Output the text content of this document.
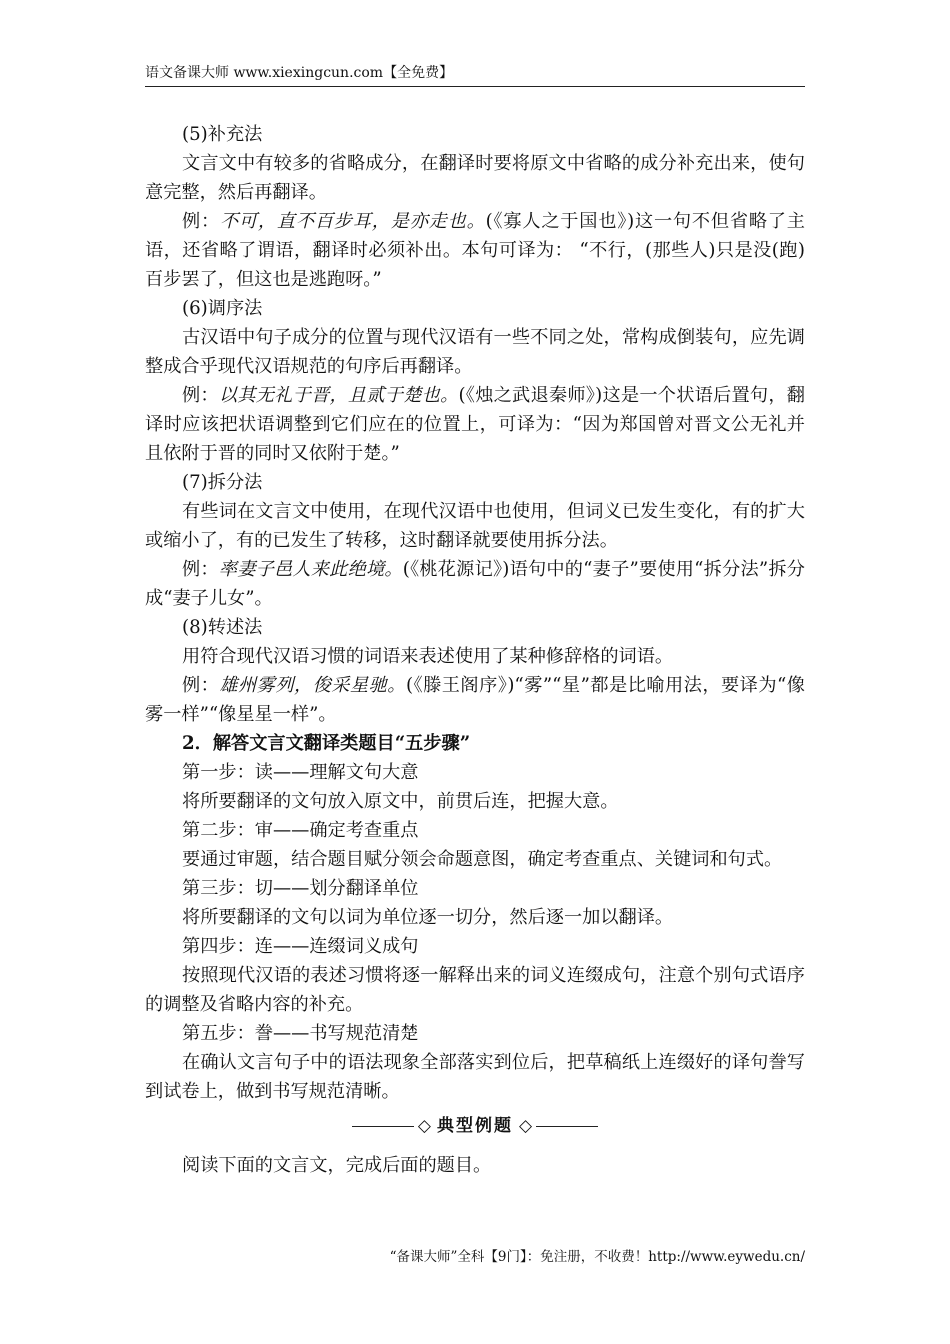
语文备课大师 www.xiexingcun.com【全免费】

(5)补充法

文言文中有较多的省略成分，在翻译时要将原文中省略的成分补充出来，使句意完整，然后再翻译。

例：不可，直不百步耳，是亦走也。(《寡人之于国也》)这一句不但省略了主语，还省略了谓语，翻译时必须补出。本句可译为： “不行，(那些人)只是没(跑)百步罢了，但这也是逃跑呀。”

(6)调序法

古汉语中句子成分的位置与现代汉语有一些不同之处，常构成倒装句，应先调整成合乎现代汉语规范的句序后再翻译。

例：以其无礼于晋，且贰于楚也。(《烛之武退秦师》)这是一个状语后置句，翻译时应该把状语调整到它们应在的位置上，可译为：“因为郑国曾对晋文公无礼并且依附于晋的同时又依附于楚。”

(7)拆分法

有些词在文言文中使用，在现代汉语中也使用，但词义已发生变化，有的扩大或缩小了，有的已发生了转移，这时翻译就要使用拆分法。

例：率妻子邑人来此绝境。(《桃花源记》)语句中的“妻子”要使用“拆分法”拆分成“妻子儿女”。

(8)转述法

用符合现代汉语习惯的词语来表述使用了某种修辞格的词语。

例：雄州雾列，俊采星驰。(《滕王阁序》)“雾”“星”都是比喻用法，要译为“像雾一样”“像星星一样”。

2．解答文言文翻译类题目“五步骤”

第一步：读——理解文句大意

将所要翻译的文句放入原文中，前贯后连，把握大意。

第二步：审——确定考查重点

要通过审题，结合题目赋分领会命题意图，确定考查重点、关键词和句式。

第三步：切——划分翻译单位

将所要翻译的文句以词为单位逐一切分，然后逐一加以翻译。

第四步：连——连缀词义成句

按照现代汉语的表述习惯将逐一解释出来的词义连缀成句，注意个别句式语序的调整及省略内容的补充。

第五步：誊——书写规范清楚

在确认文言句子中的语法现象全部落实到位后，把草稿纸上连缀好的译句誊写到试卷上，做到书写规范清晰。

◇ 典型例题 ◇

阅读下面的文言文，完成后面的题目。

“备课大师”全科【9门】：免注册，不收费！http://www.eywedu.cn/
